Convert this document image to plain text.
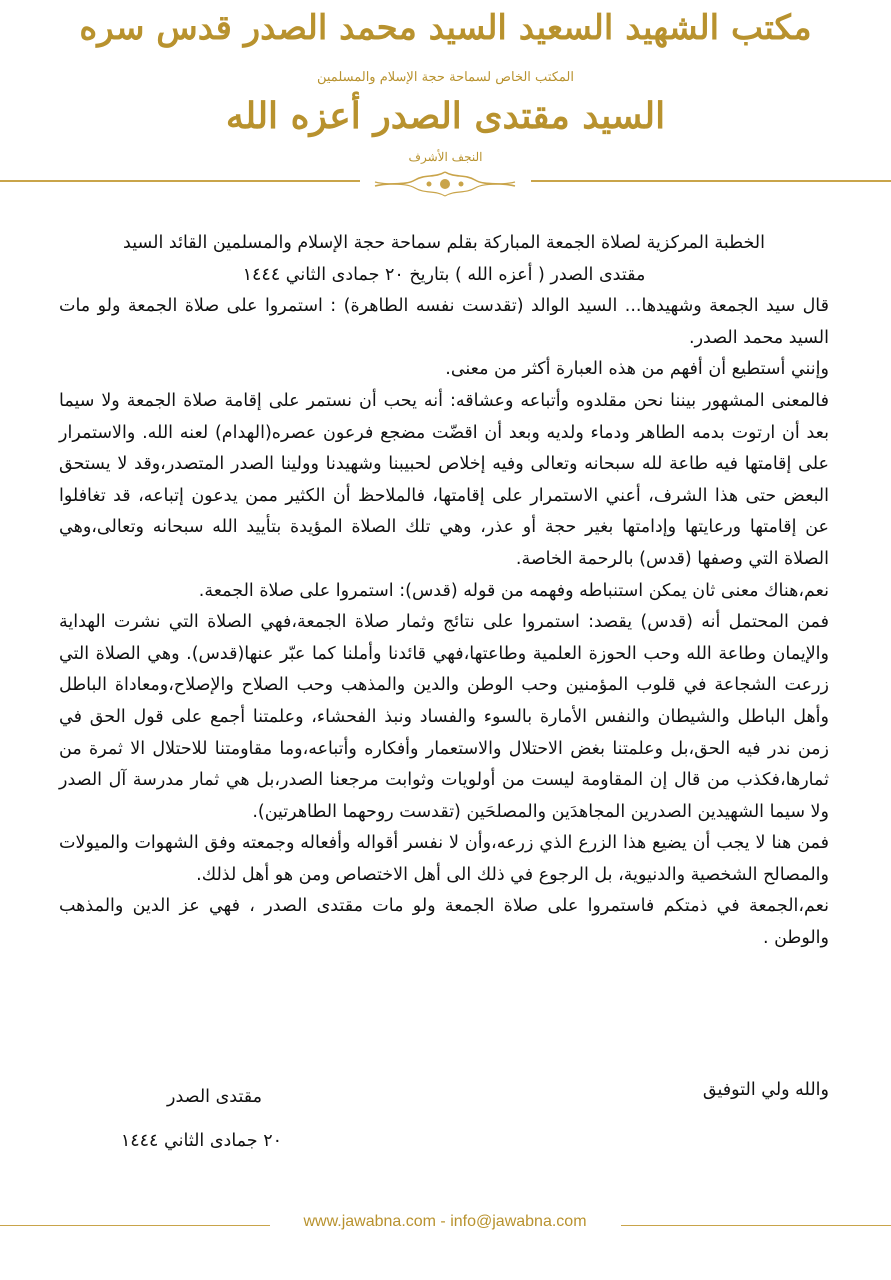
مكتب الشهيد السعيد السيد محمد الصدر قدس سره
المكتب الخاص لسماحة حجة الإسلام والمسلمين
السيد مقتدى الصدر أعزه الله
النجف الأشرف

الخطبة المركزية لصلاة الجمعة المباركة بقلم سماحة حجة الإسلام والمسلمين القائد السيد
مقتدى الصدر ( أعزه الله ) بتاريخ ٢٠ جمادى الثاني ١٤٤٤

قال سيد الجمعة وشهيدها... السيد الوالد (تقدست نفسه الطاهرة) : استمروا على صلاة الجمعة ولو مات السيد محمد الصدر.

وإنني أستطيع أن أفهم من هذه العبارة أكثر من معنى.

فالمعنى المشهور بيننا نحن مقلدوه وأتباعه وعشاقه: أنه يحب أن نستمر على إقامة صلاة الجمعة ولا سيما بعد أن ارتوت بدمه الطاهر ودماء ولديه وبعد أن اقضّت مضجع فرعون عصره(الهدام) لعنه الله. والاستمرار على إقامتها فيه طاعة لله سبحانه وتعالى وفيه إخلاص لحبيبنا وشهيدنا وولينا الصدر المتصدر،وقد لا يستحق البعض حتى هذا الشرف، أعني الاستمرار على إقامتها، فالملاحظ أن الكثير ممن يدعون إتباعه، قد تغافلوا عن إقامتها ورعايتها وإدامتها بغير حجة أو عذر، وهي تلك الصلاة المؤيدة بتأييد الله سبحانه وتعالى،وهي الصلاة التي وصفها (قدس) بالرحمة الخاصة.

نعم،هناك معنى ثان يمكن استنباطه وفهمه من قوله (قدس): استمروا على صلاة الجمعة.

فمن المحتمل أنه (قدس) يقصد: استمروا على نتائج وثمار صلاة الجمعة،فهي الصلاة التي نشرت الهداية والإيمان وطاعة الله وحب الحوزة العلمية وطاعتها،فهي قائدنا وأملنا كما عبّر عنها(قدس). وهي الصلاة التي زرعت الشجاعة في قلوب المؤمنين وحب الوطن والدين والمذهب وحب الصلاح والإصلاح،ومعاداة الباطل وأهل الباطل والشيطان والنفس الأمارة بالسوء والفساد ونبذ الفحشاء، وعلمتنا أجمع على قول الحق في زمن ندر فيه الحق،بل وعلمتنا بغض الاحتلال والاستعمار وأفكاره وأتباعه،وما مقاومتنا للاحتلال الا ثمرة من ثمارها،فكذب من قال إن المقاومة ليست من أولويات وثوابت مرجعنا الصدر،بل هي ثمار مدرسة آل الصدر ولا سيما الشهيدين الصدرين المجاهدَين والمصلحَين (تقدست روحهما الطاهرتين).

فمن هنا لا يجب أن يضيع هذا الزرع الذي زرعه،وأن لا نفسر أقواله وأفعاله وجمعته وفق الشهوات والميولات والمصالح الشخصية والدنيوية، بل الرجوع في ذلك الى أهل الاختصاص ومن هو أهل لذلك.

نعم،الجمعة في ذمتكم فاستمروا على صلاة الجمعة ولو مات مقتدى الصدر ، فهي عز الدين والمذهب والوطن .

والله ولي التوفيق
مقتدى الصدر
٢٠ جمادى الثاني ١٤٤٤
www.jawabna.com - info@jawabna.com
